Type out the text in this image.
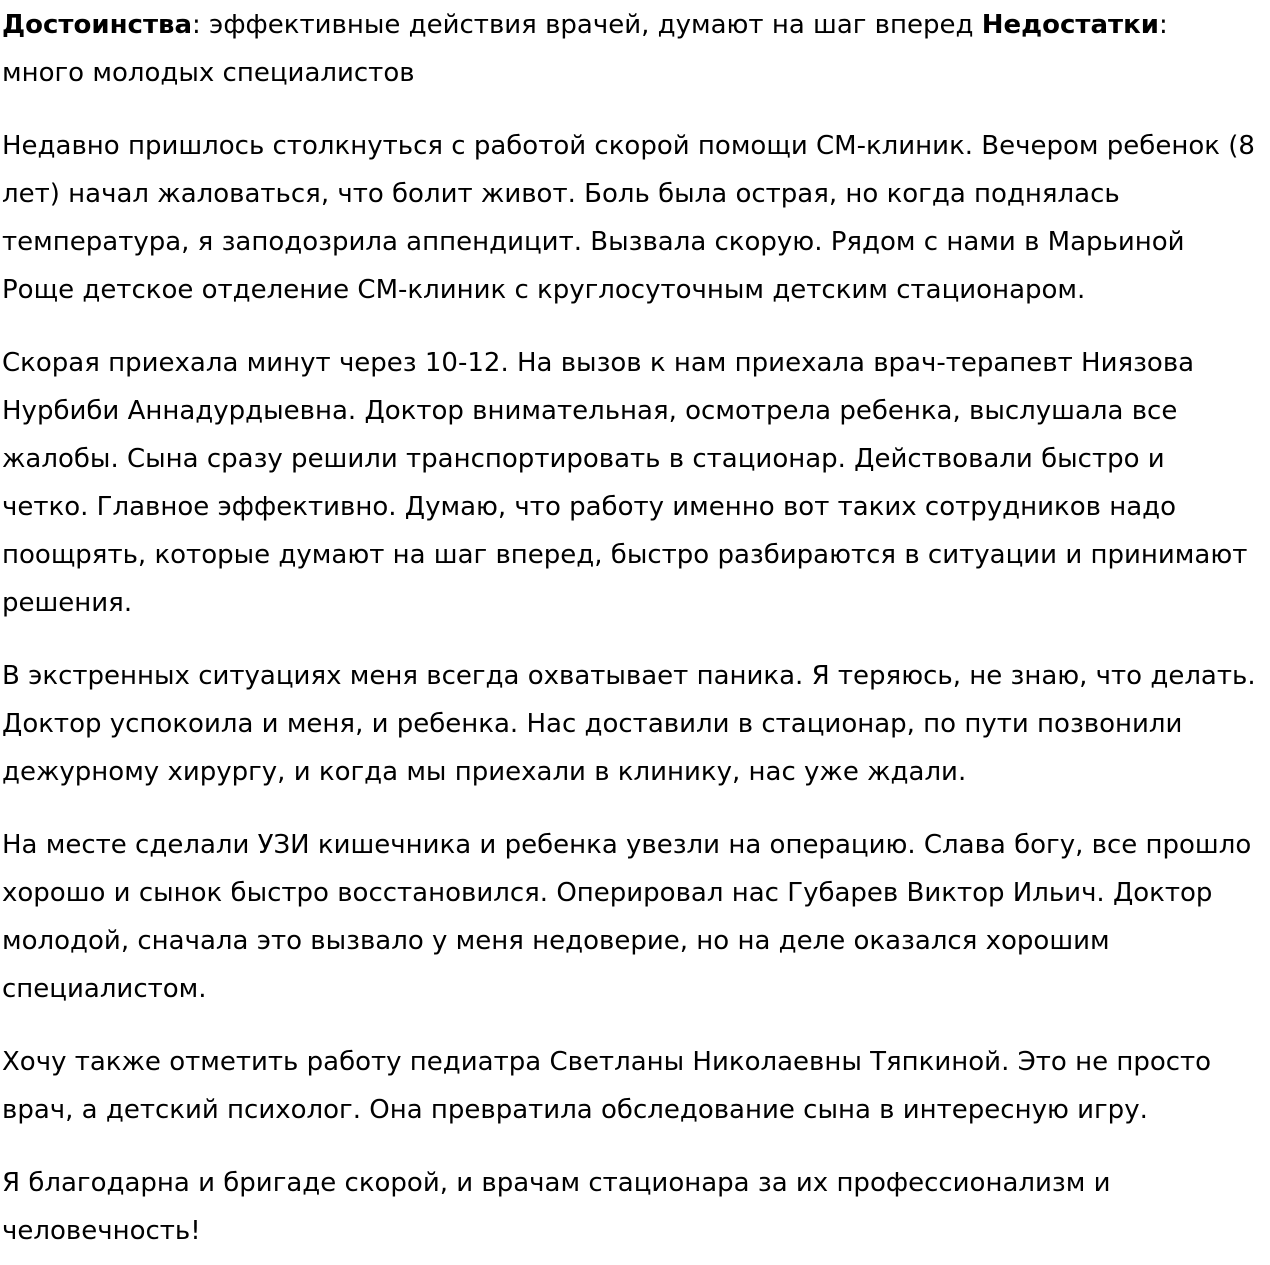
Достоинства: эффективные действия врачей, думают на шаг вперед Недостатки: много молодых специалистов

Недавно пришлось столкнуться с работой скорой помощи СМ-клиник. Вечером ребенок (8 лет) начал жаловаться, что болит живот. Боль была острая, но когда поднялась температура, я заподозрила аппендицит. Вызвала скорую. Рядом с нами в Марьиной Роще детское отделение СМ-клиник с круглосуточным детским стационаром.

Скорая приехала минут через 10-12. На вызов к нам приехала врач-терапевт Ниязова Нурбиби Аннадурдыевна. Доктор внимательная, осмотрела ребенка, выслушала все жалобы. Сына сразу решили транспортировать в стационар. Действовали быстро и четко. Главное эффективно. Думаю, что работу именно вот таких сотрудников надо поощрять, которые думают на шаг вперед, быстро разбираются в ситуации и принимают решения.

В экстренных ситуациях меня всегда охватывает паника. Я теряюсь, не знаю, что делать. Доктор успокоила и меня, и ребенка. Нас доставили в стационар, по пути позвонили дежурному хирургу, и когда мы приехали в клинику, нас уже ждали.

На месте сделали УЗИ кишечника и ребенка увезли на операцию. Слава богу, все прошло хорошо и сынок быстро восстановился. Оперировал нас Губарев Виктор Ильич. Доктор молодой, сначала это вызвало у меня недоверие, но на деле оказался хорошим специалистом.

Хочу также отметить работу педиатра Светланы Николаевны Тяпкиной. Это не просто врач, а детский психолог. Она превратила обследование сына в интересную игру.

Я благодарна и бригаде скорой, и врачам стационара за их профессионализм и человечность!
